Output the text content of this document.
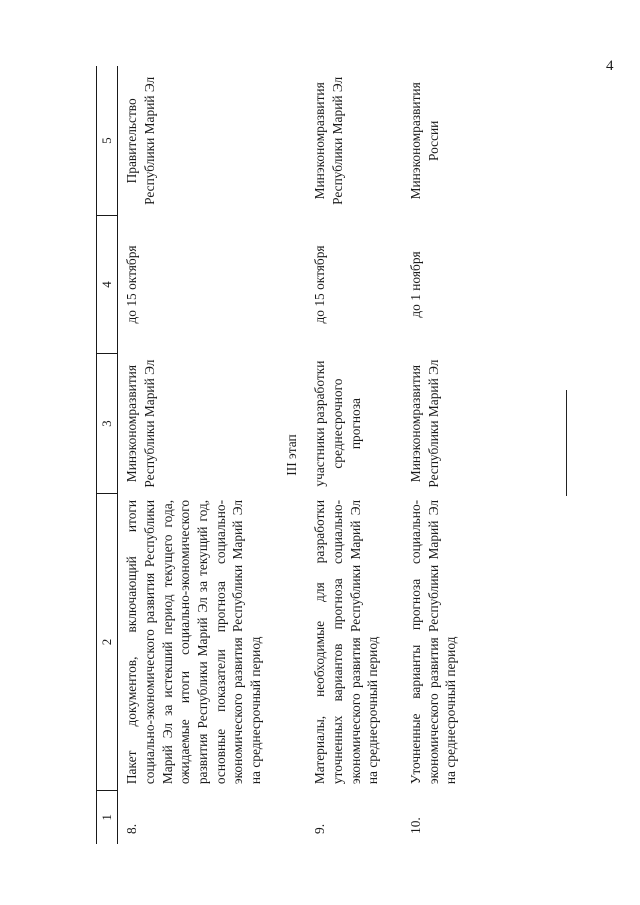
4
1	2	3	4	5
8.	Пакет документов, включающий итоги социально-экономического развития Республики Марий Эл за истекший период текущего года, ожидаемые итоги социально-экономического развития Республики Марий Эл за текущий год, основные показатели прогноза социально-экономического развития Республики Марий Эл на среднесрочный период	Минэкономразвития Республики Марий Эл	до 15 октября	Правительство Республики Марий Эл
III этап				
9.	Материалы, необходимые для разработки уточненных вариантов прогноза социально-экономического развития Республики Марий Эл на среднесрочный период	участники разработки среднесрочного прогноза	до 15 октября	Минэкономразвития Республики Марий Эл

10.	Уточненные варианты прогноза социально-экономического развития Республики Марий Эл на среднесрочный период	Минэкономразвития Республики Марий Эл	до 1 ноября	Минэкономразвития России
